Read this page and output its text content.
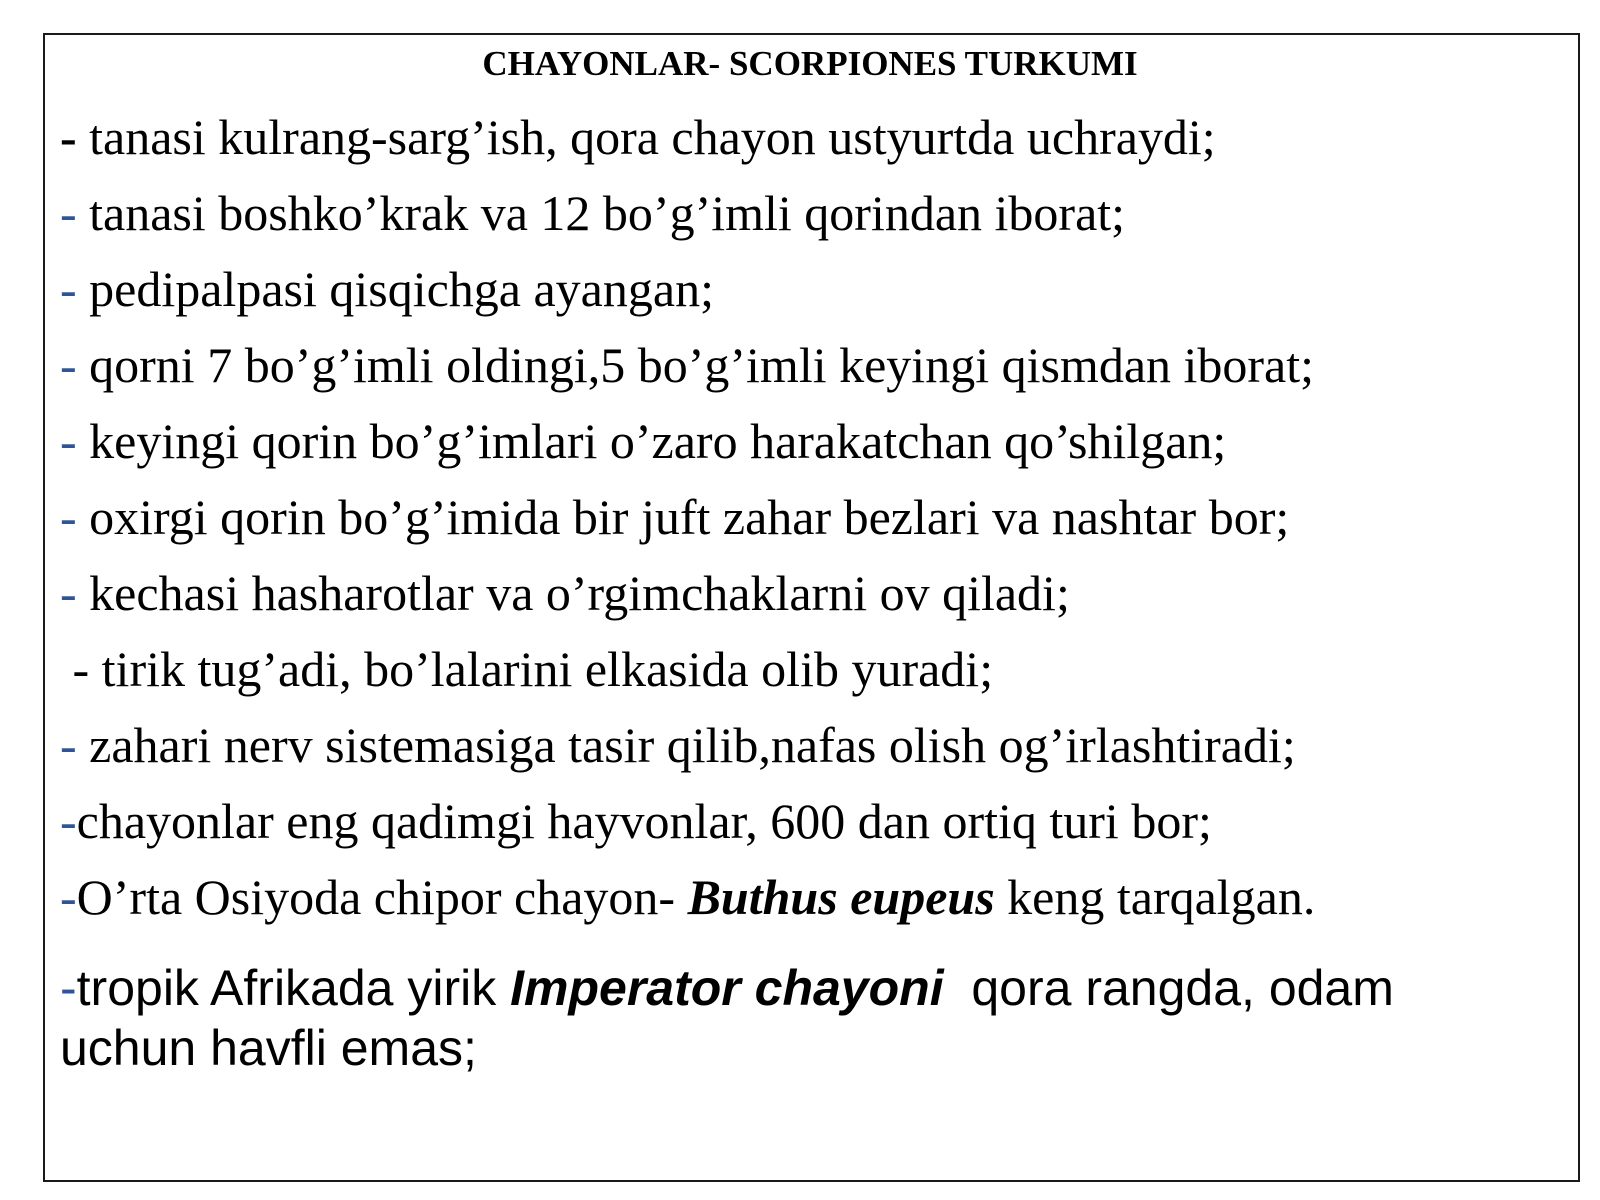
CHAYONLAR- SCORPIONES TURKUMI
- tanasi kulrang-sarg’ish, qora chayon ustyurtda uchraydi;
- tanasi boshko’krak va 12 bo’g’imli qorindan iborat;
- pedipalpasi qisqichga ayangan;
- qorni 7 bo’g’imli oldingi,5 bo’g’imli keyingi qismdan iborat;
- keyingi qorin bo’g’imlari o’zaro harakatchan qo’shilgan;
- oxirgi qorin bo’g’imida bir juft zahar bezlari va nashtar bor;
- kechasi hasharotlar va o’rgimchaklarni ov qiladi;
- tirik tug’adi, bo’lalarini elkasida olib yuradi;
- zahari nerv sistemasiga tasir qilib,nafas olish og’irlashtiradi;
-chayonlar eng qadimgi hayvonlar, 600 dan ortiq turi bor;
-O’rta Osiyoda chipor chayon- Buthus eupeus keng tarqalgan.
-tropik Afrikada yirik Imperator chayoni  qora rangda, odam uchun havfli emas;
